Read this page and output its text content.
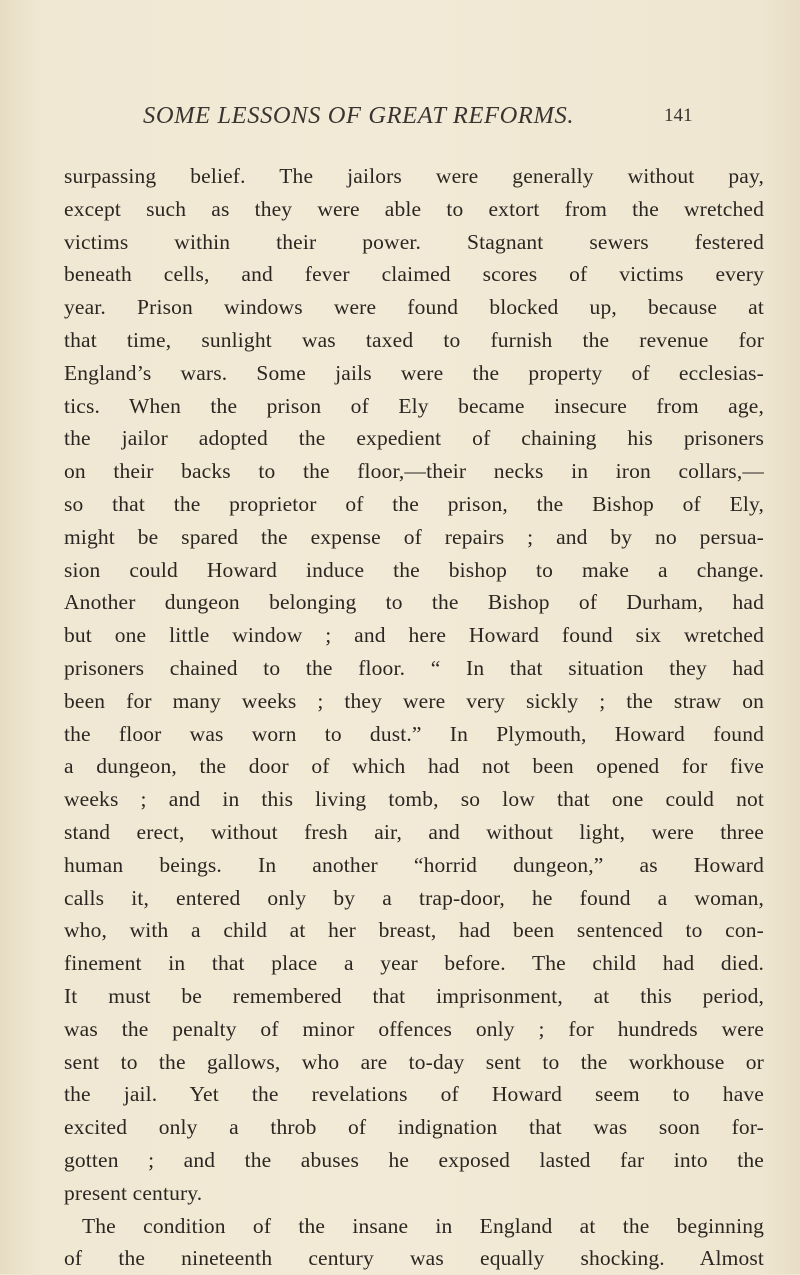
SOME LESSONS OF GREAT REFORMS.	141
surpassing belief. The jailors were generally without pay,
except such as they were able to extort from the wretched
victims within their power. Stagnant sewers festered
beneath cells, and fever claimed scores of victims every
year. Prison windows were found blocked up, because at
that time, sunlight was taxed to furnish the revenue for
England’s wars. Some jails were the property of ecclesias-
tics. When the prison of Ely became insecure from age,
the jailor adopted the expedient of chaining his prisoners
on their backs to the floor,—their necks in iron collars,—
so that the proprietor of the prison, the Bishop of Ely,
might be spared the expense of repairs ; and by no persua-
sion could Howard induce the bishop to make a change.
Another dungeon belonging to the Bishop of Durham, had
but one little window ; and here Howard found six wretched
prisoners chained to the floor. “ In that situation they had
been for many weeks ; they were very sickly ; the straw on
the floor was worn to dust.” In Plymouth, Howard found
a dungeon, the door of which had not been opened for five
weeks ; and in this living tomb, so low that one could not
stand erect, without fresh air, and without light, were three
human beings. In another “horrid dungeon,” as Howard
calls it, entered only by a trap-door, he found a woman,
who, with a child at her breast, had been sentenced to con-
finement in that place a year before. The child had died.
It must be remembered that imprisonment, at this period,
was the penalty of minor offences only ; for hundreds were
sent to the gallows, who are to-day sent to the workhouse or
the jail. Yet the revelations of Howard seem to have
excited only a throb of indignation that was soon for-
gotten ; and the abuses he exposed lasted far into the
present century.
The condition of the insane in England at the beginning
of the nineteenth century was equally shocking. Almost
